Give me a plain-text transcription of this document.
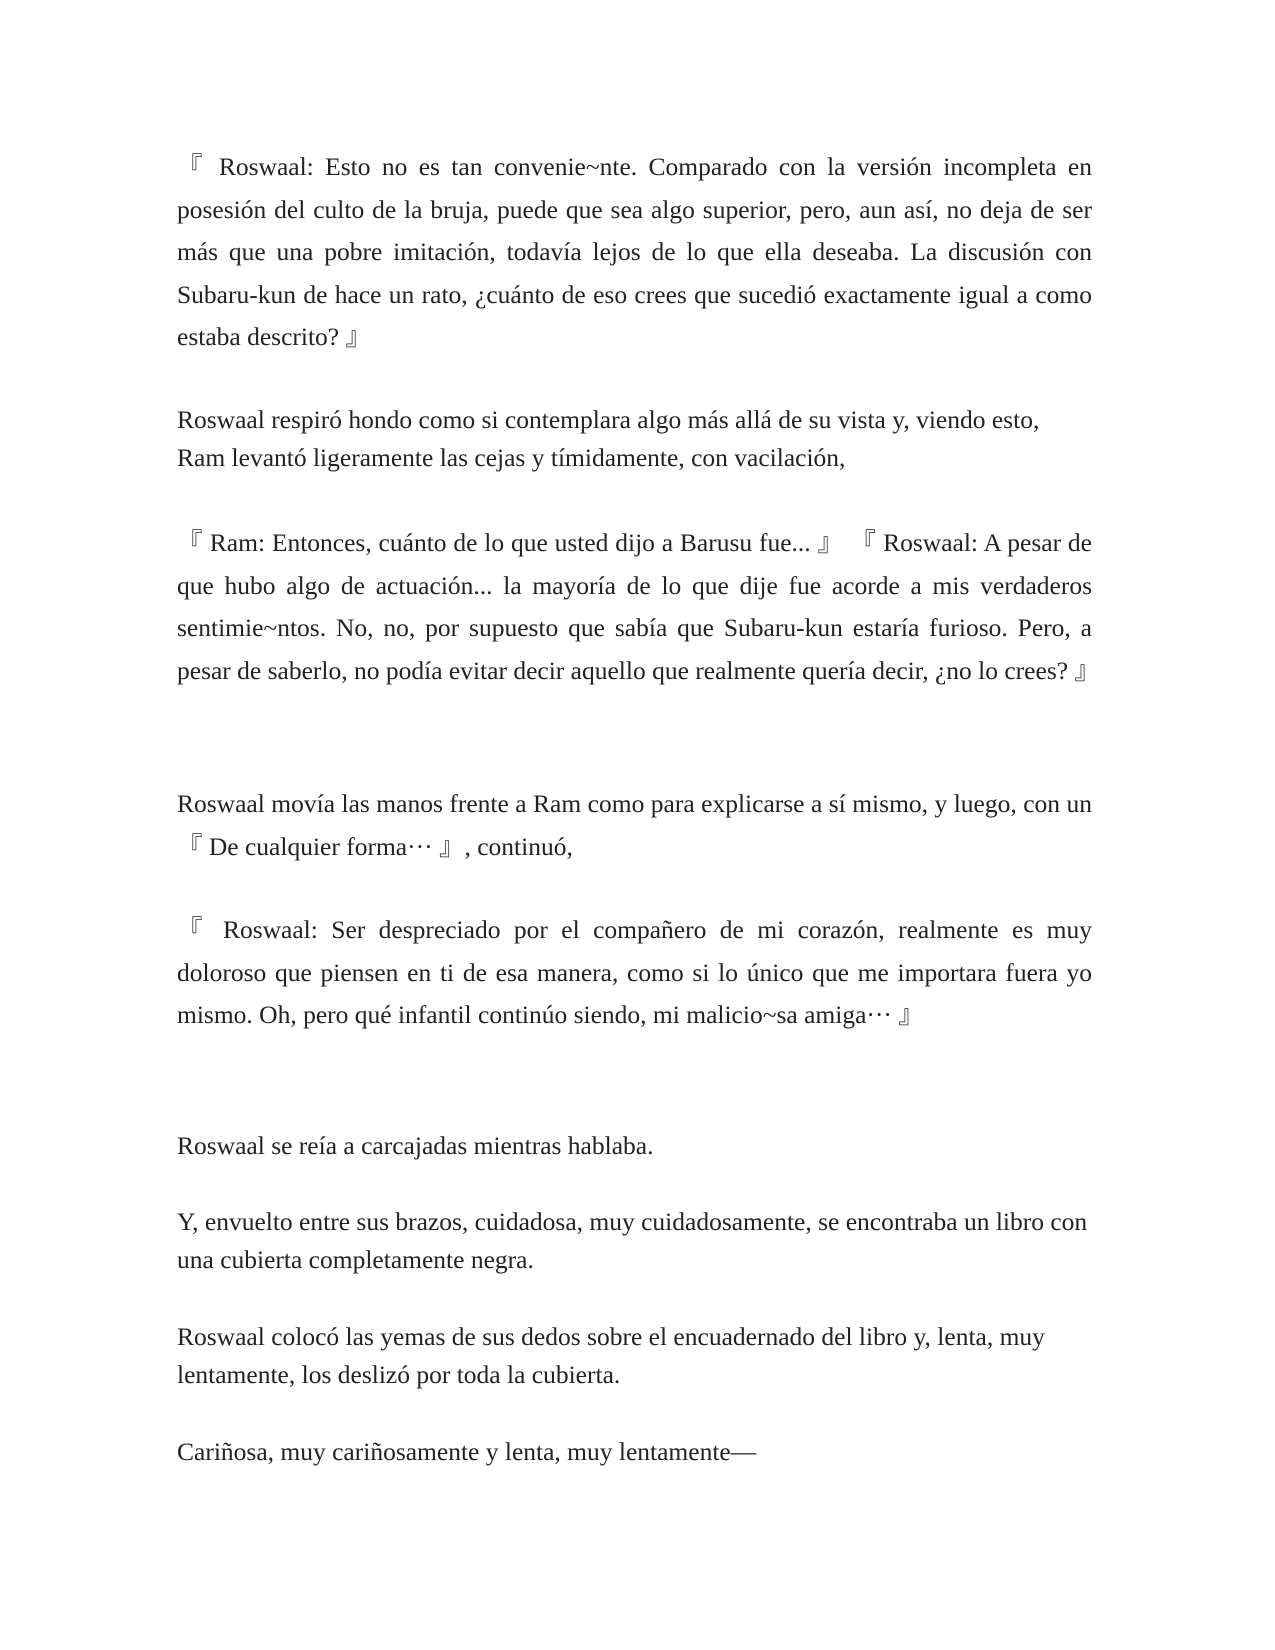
『 Roswaal: Esto no es tan convenie~nte. Comparado con la versión incompleta en posesión del culto de la bruja, puede que sea algo superior, pero, aun así, no deja de ser más que una pobre imitación, todavía lejos de lo que ella deseaba. La discusión con Subaru-kun de hace un rato, ¿cuánto de eso crees que sucedió exactamente igual a como estaba descrito? 』

Roswaal respiró hondo como si contemplara algo más allá de su vista y, viendo esto, Ram levantó ligeramente las cejas y tímidamente, con vacilación,

『 Ram: Entonces, cuánto de lo que usted dijo a Barusu fue... 』 『 Roswaal: A pesar de que hubo algo de actuación... la mayoría de lo que dije fue acorde a mis verdaderos sentimie~ntos. No, no, por supuesto que sabía que Subaru-kun estaría furioso. Pero, a pesar de saberlo, no podía evitar decir aquello que realmente quería decir, ¿no lo crees? 』

Roswaal movía las manos frente a Ram como para explicarse a sí mismo, y luego, con un 『 De cualquier forma··· 』, continuó,

『 Roswaal: Ser despreciado por el compañero de mi corazón, realmente es muy doloroso que piensen en ti de esa manera, como si lo único que me importara fuera yo mismo. Oh, pero qué infantil continúo siendo, mi malicio~sa amiga··· 』

Roswaal se reía a carcajadas mientras hablaba.

Y, envuelto entre sus brazos, cuidadosa, muy cuidadosamente, se encontraba un libro con una cubierta completamente negra.

Roswaal colocó las yemas de sus dedos sobre el encuadernado del libro y, lenta, muy lentamente, los deslizó por toda la cubierta.

Cariñosa, muy cariñosamente y lenta, muy lentamente—
